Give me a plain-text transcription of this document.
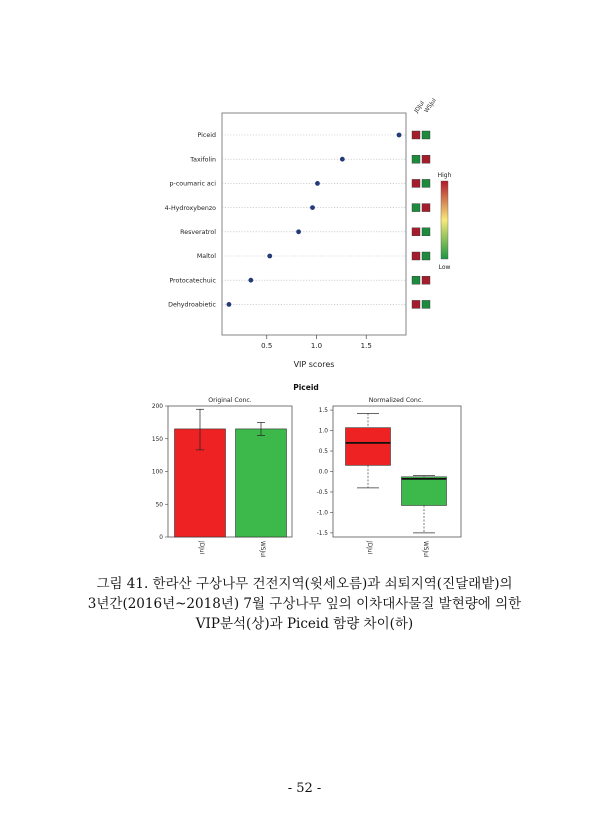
Piceid
Taxifolin
p-coumaric aci
4-Hydroxybenzo
Resveratrol
Maltol
Protocatechuic
Dehydroabietic
0.5	1.0	1.5
VIP scores
JDJul
WSJul
High
Low
Piceid
Original Conc.
0
50
100
150
200
JDJul	WSJul
Normalized Conc.
-1.5
-1.0
-0.5
0.0
0.5
1.0
1.5
JDJul	WSJul
그림 41. 한라산 구상나무 건전지역(윗세오름)과 쇠퇴지역(진달래밭)의
3년간(2016년~2018년) 7월 구상나무 잎의 이차대사물질 발현량에 의한
VIP분석(상)과 Piceid 함량 차이(하)
- 52 -
